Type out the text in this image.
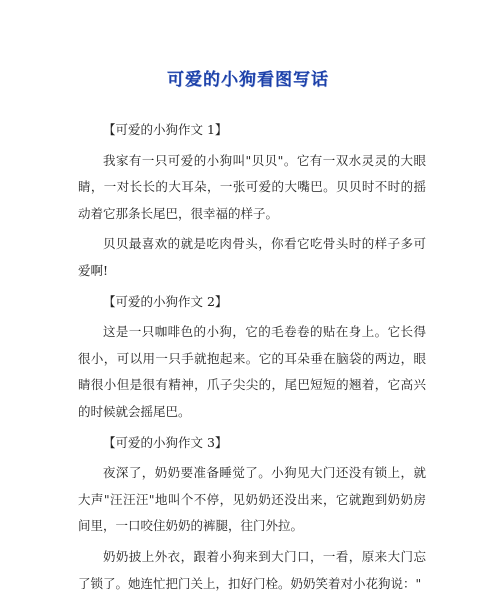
可爱的小狗看图写话
【可爱的小狗作文 1】

我家有一只可爱的小狗叫"贝贝"。它有一双水灵灵的大眼睛，一对长长的大耳朵，一张可爱的大嘴巴。贝贝时不时的摇动着它那条长尾巴，很幸福的样子。

贝贝最喜欢的就是吃肉骨头，你看它吃骨头时的样子多可爱啊!

【可爱的小狗作文 2】

这是一只咖啡色的小狗，它的毛卷卷的贴在身上。它长得很小，可以用一只手就抱起来。它的耳朵垂在脑袋的两边，眼睛很小但是很有精神，爪子尖尖的，尾巴短短的翘着，它高兴的时候就会摇尾巴。

【可爱的小狗作文 3】

夜深了，奶奶要准备睡觉了。小狗见大门还没有锁上，就大声"汪汪汪"地叫个不停，见奶奶还没出来，它就跑到奶奶房间里，一口咬住奶奶的裤腿，往门外拉。

奶奶披上外衣，跟着小狗来到大门口，一看，原来大门忘了锁了。她连忙把门关上，扣好门栓。奶奶笑着对小花狗说："
